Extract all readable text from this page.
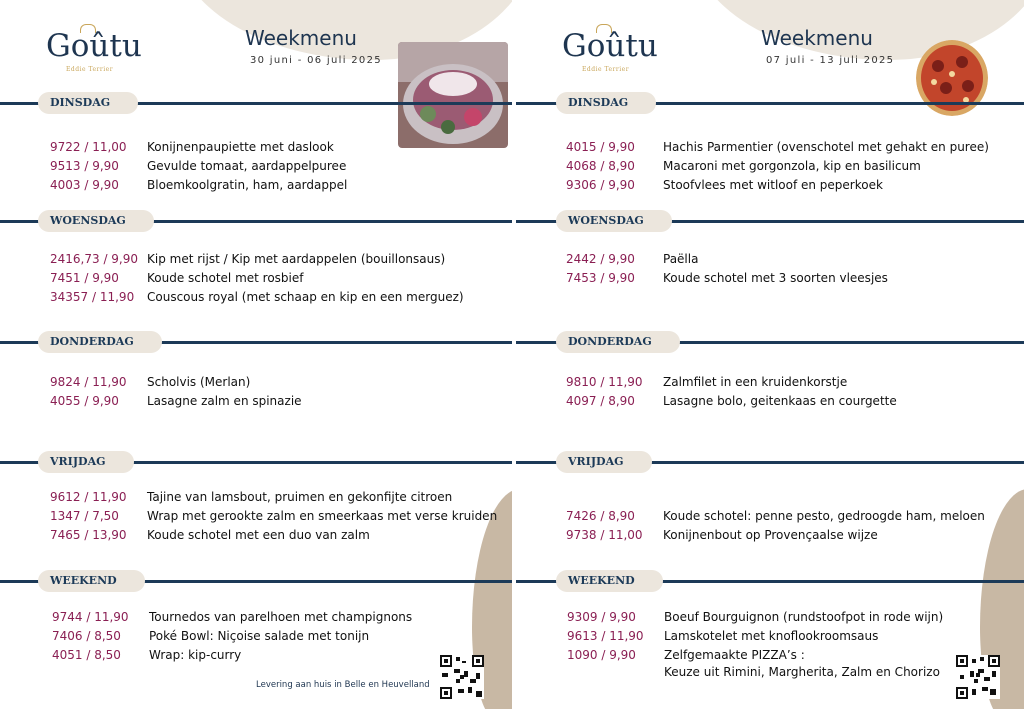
Goûtu
Eddie Terrier
Weekmenu
30 juni - 06 juli 2025
DINSDAG
9722 / 11,00 Konijnenpaupiette met daslook
9513 / 9,90 Gevulde tomaat, aardappelpuree
4003 / 9,90 Bloemkoolgratin, ham, aardappel
WOENSDAG
2416,73 / 9,90 Kip met rijst / Kip met aardappelen (bouillonsaus)
7451 / 9,90 Koude schotel met rosbief
34357 / 11,90 Couscous royal (met schaap en kip en een merguez)
DONDERDAG
9824 / 11,90 Scholvis (Merlan)
4055 / 9,90 Lasagne zalm en spinazie
VRIJDAG
9612 / 11,90 Tajine van lamsbout, pruimen en gekonfijte citroen
1347 / 7,50 Wrap met gerookte zalm en smeerkaas met verse kruiden
7465 / 13,90 Koude schotel met een duo van zalm
WEEKEND
9744 / 11,90 Tournedos van parelhoen met champignons
7406 / 8,50 Poké Bowl: Niçoise salade met tonijn
4051 / 8,50 Wrap: kip-curry
Levering aan huis in Belle en Heuvelland
Goûtu
Eddie Terrier
Weekmenu
07 juli - 13 juli 2025
DINSDAG
4015 / 9,90 Hachis Parmentier (ovenschotel met gehakt en puree)
4068 / 8,90 Macaroni met gorgonzola, kip en basilicum
9306 / 9,90 Stoofvlees met witloof en peperkoek
WOENSDAG
2442 / 9,90 Paëlla
7453 / 9,90 Koude schotel met 3 soorten vleesjes
DONDERDAG
9810 / 11,90 Zalmfilet in een kruidenkorstje
4097 / 8,90 Lasagne bolo, geitenkaas en courgette
VRIJDAG
7426 / 8,90 Koude schotel: penne pesto, gedroogde ham, meloen
9738 / 11,00 Konijnenbout op Provençaalse wijze
WEEKEND
9309 / 9,90 Boeuf Bourguignon (rundstoofpot in rode wijn)
9613 / 11,90 Lamskotelet met knoflookroomsaus
1090 / 9,90 Zelfgemaakte PIZZA’s :
Keuze uit Rimini, Margherita, Zalm en Chorizo
